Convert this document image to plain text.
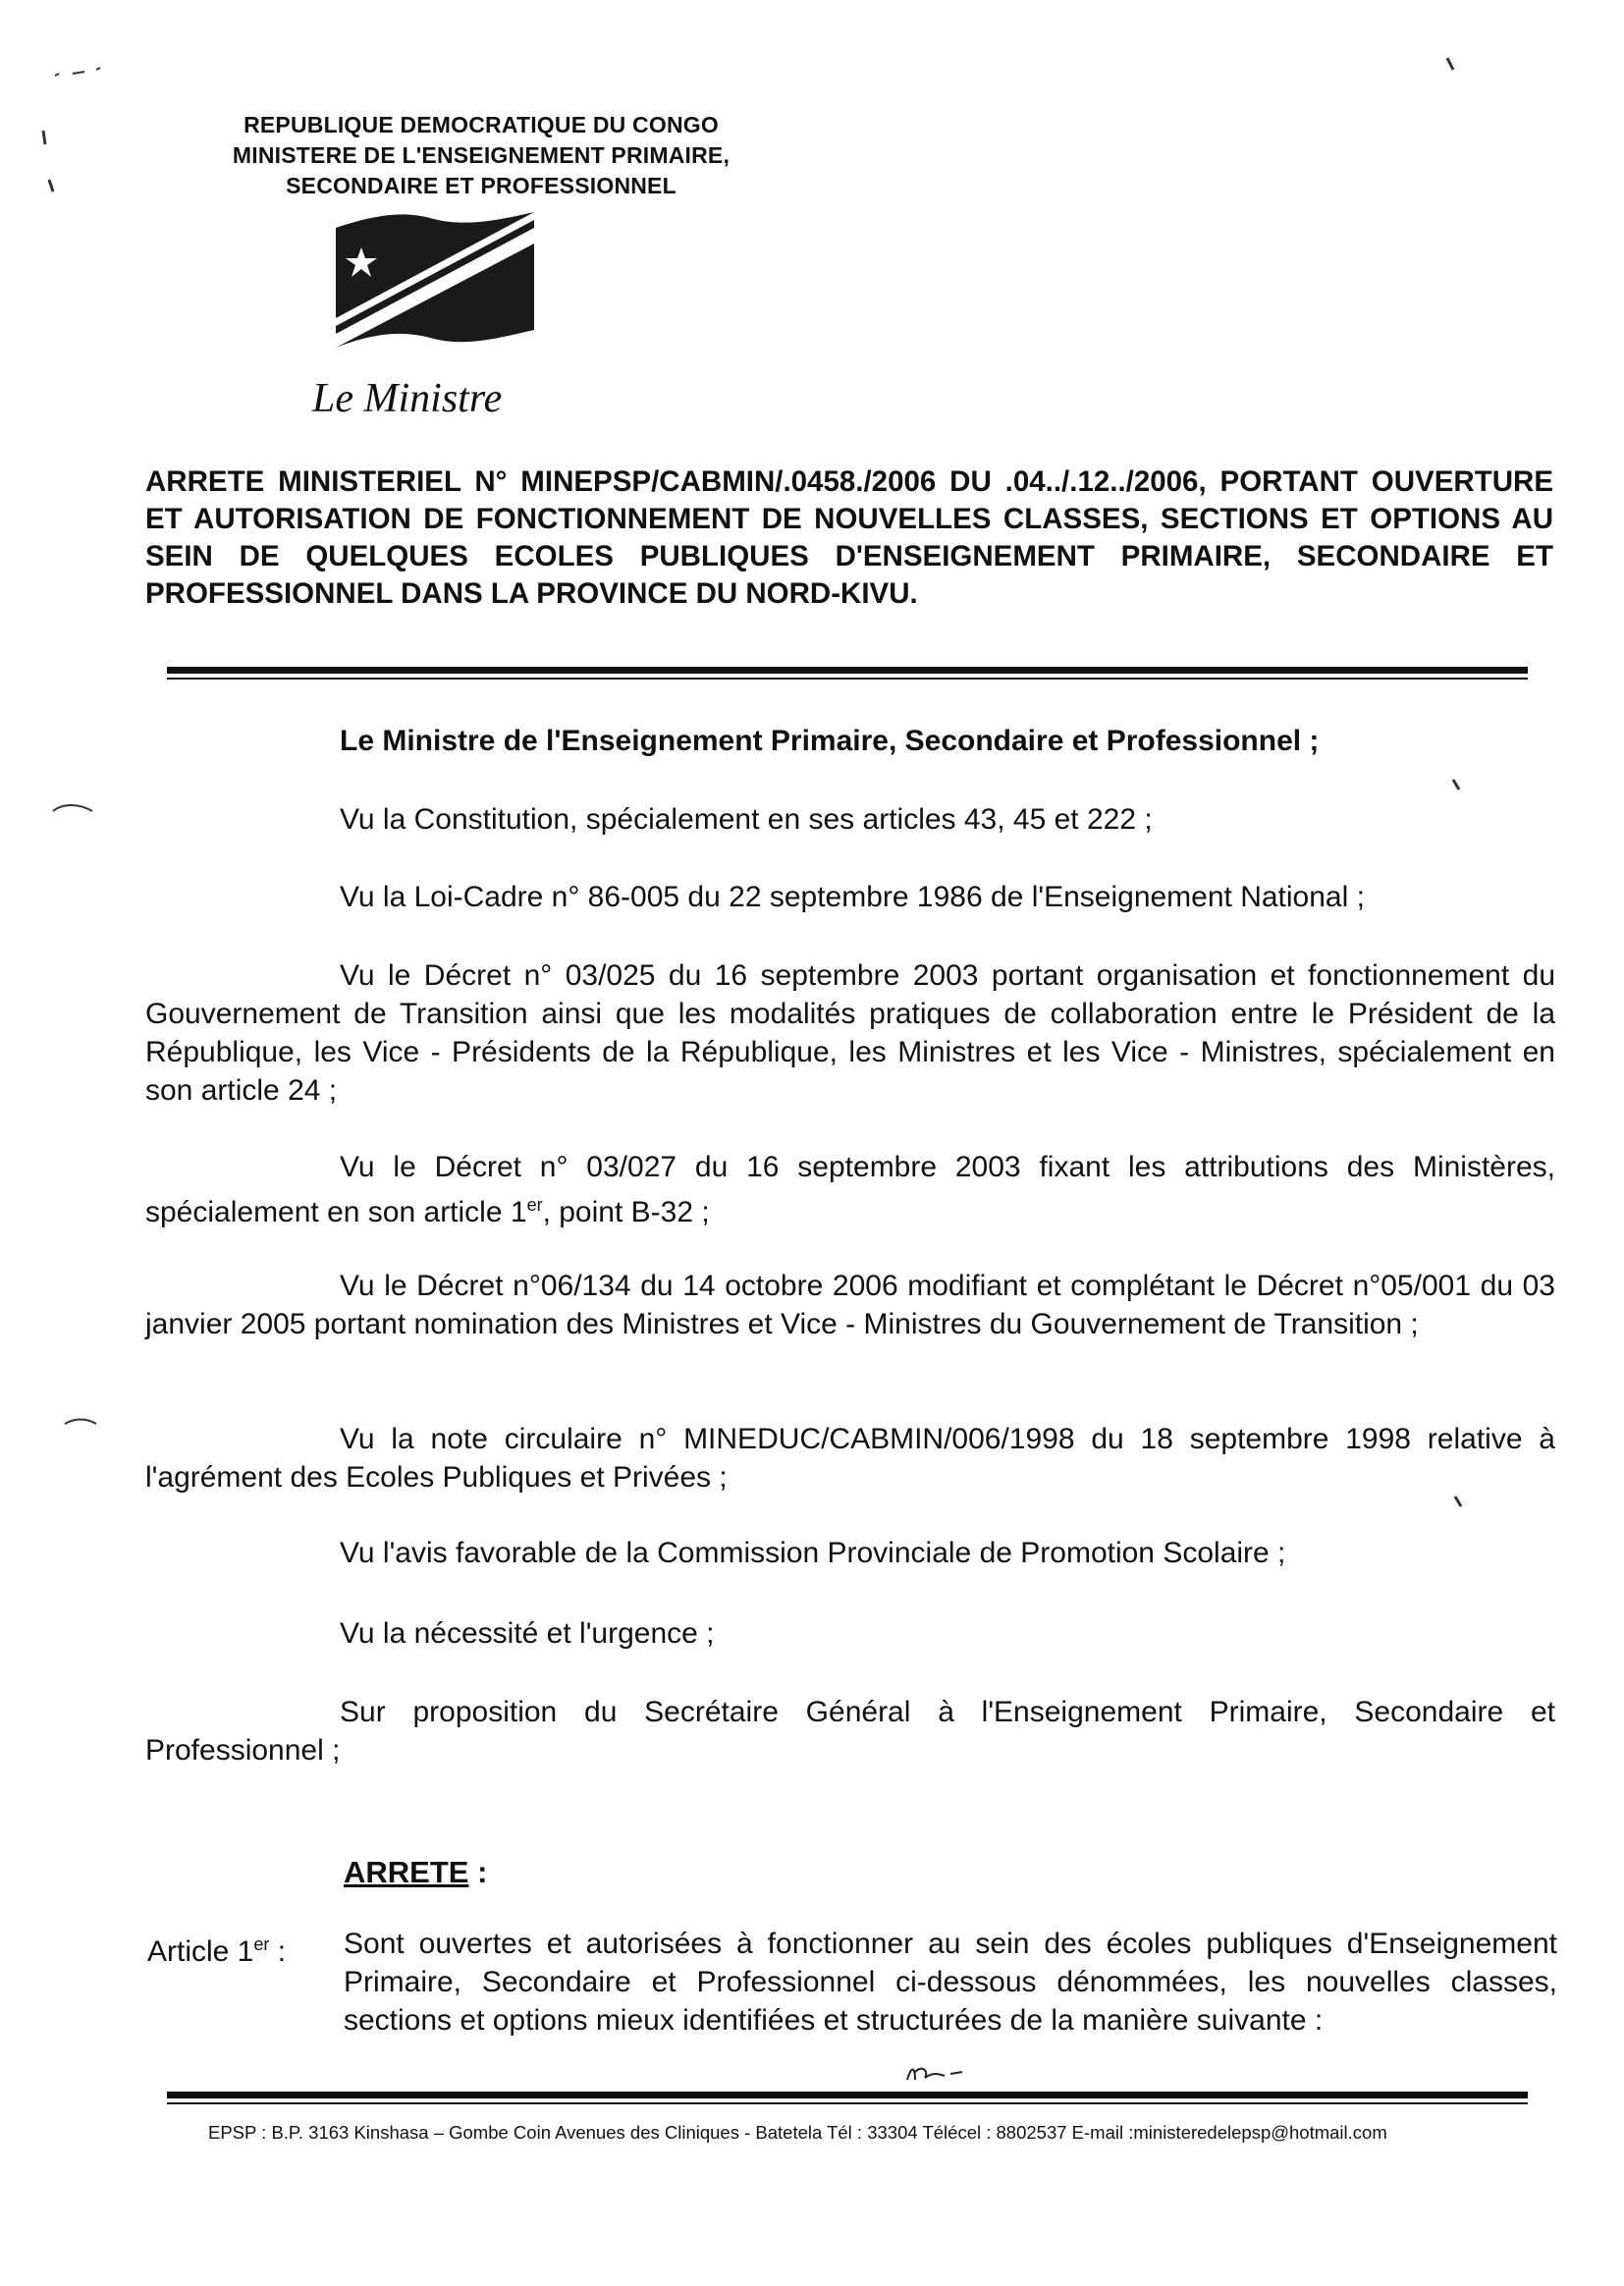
REPUBLIQUE DEMOCRATIQUE DU CONGO
MINISTERE DE L'ENSEIGNEMENT PRIMAIRE,
SECONDAIRE ET PROFESSIONNEL
Le Ministre
ARRETE MINISTERIEL N° MINEPSP/CABMIN/.0458./2006 DU .04../.12../2006, PORTANT OUVERTURE ET AUTORISATION DE FONCTIONNEMENT DE NOUVELLES CLASSES, SECTIONS ET OPTIONS AU SEIN DE QUELQUES ECOLES PUBLIQUES D'ENSEIGNEMENT PRIMAIRE, SECONDAIRE ET PROFESSIONNEL DANS LA PROVINCE DU NORD-KIVU.
Le Ministre de l'Enseignement Primaire, Secondaire et Professionnel ;
Vu la Constitution, spécialement en ses articles 43, 45 et 222 ;
Vu la Loi-Cadre n° 86-005 du 22 septembre 1986 de l'Enseignement National ;
Vu le Décret n° 03/025 du 16 septembre 2003 portant organisation et fonctionnement du Gouvernement de Transition ainsi que les modalités pratiques de collaboration entre le Président de la République, les Vice - Présidents de la République, les Ministres et les Vice - Ministres, spécialement en son article 24 ;
Vu le Décret n° 03/027 du 16 septembre 2003 fixant les attributions des Ministères, spécialement en son article 1er, point B-32 ;
Vu le Décret n°06/134 du 14 octobre 2006 modifiant et complétant le Décret n°05/001 du 03 janvier 2005 portant nomination des Ministres et Vice - Ministres du Gouvernement de Transition ;
Vu la note circulaire n° MINEDUC/CABMIN/006/1998 du 18 septembre 1998 relative à l'agrément des Ecoles Publiques et Privées ;
Vu l'avis favorable de la Commission Provinciale de Promotion Scolaire ;
Vu la nécessité et l'urgence ;
Sur proposition du Secrétaire Général à l'Enseignement Primaire, Secondaire et Professionnel ;
ARRETE :
Article 1er : Sont ouvertes et autorisées à fonctionner au sein des écoles publiques d'Enseignement Primaire, Secondaire et Professionnel ci-dessous dénommées, les nouvelles classes, sections et options mieux identifiées et structurées de la manière suivante :
EPSP : B.P. 3163 Kinshasa – Gombe Coin Avenues des Cliniques - Batetela Tél : 33304 Télécel : 8802537 E-mail :ministeredelepsp@hotmail.com
